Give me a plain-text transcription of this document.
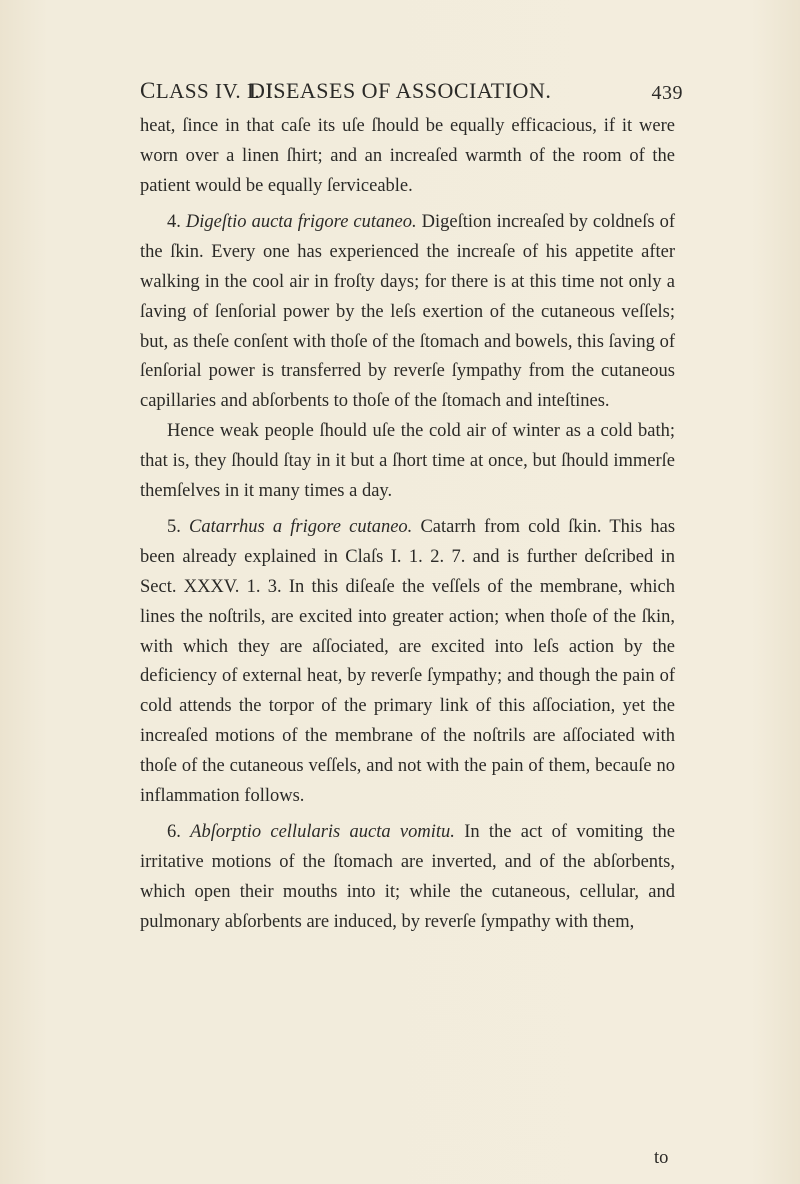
CLASS IV. I. I.
DISEASES OF ASSOCIATION.	439

heat, ſince in that caſe its uſe ſhould be equally efficacious, if it were worn over a linen ſhirt; and an increaſed warmth of the room of the patient would be equally ſerviceable.

4. Digeſtio aucta frigore cutaneo. Digeſtion increaſed by coldneſs of the ſkin. Every one has experienced the increaſe of his appetite after walking in the cool air in froſty days; for there is at this time not only a ſaving of ſenſorial power by the leſs exertion of the cutaneous veſſels; but, as theſe conſent with thoſe of the ſtomach and bowels, this ſaving of ſenſorial power is transferred by reverſe ſympathy from the cutaneous capillaries and abſorbents to thoſe of the ſtomach and inteſtines.

Hence weak people ſhould uſe the cold air of winter as a cold bath; that is, they ſhould ſtay in it but a ſhort time at once, but ſhould immerſe themſelves in it many times a day.

5. Catarrhus a frigore cutaneo. Catarrh from cold ſkin. This has been already explained in Claſs I. 1. 2. 7. and is further deſcribed in Sect. XXXV. 1. 3. In this diſeaſe the veſſels of the membrane, which lines the noſtrils, are excited into greater action; when thoſe of the ſkin, with which they are aſſociated, are excited into leſs action by the deficiency of external heat, by reverſe ſympathy; and though the pain of cold attends the torpor of the primary link of this aſſociation, yet the increaſed motions of the membrane of the noſtrils are aſſociated with thoſe of the cutaneous veſſels, and not with the pain of them, becauſe no inflammation follows.

6. Abſorptio cellularis aucta vomitu. In the act of vomiting the irritative motions of the ſtomach are inverted, and of the abſorbents, which open their mouths into it; while the cutaneous, cellular, and pulmonary abſorbents are induced, by reverſe ſympathy with them,

to
